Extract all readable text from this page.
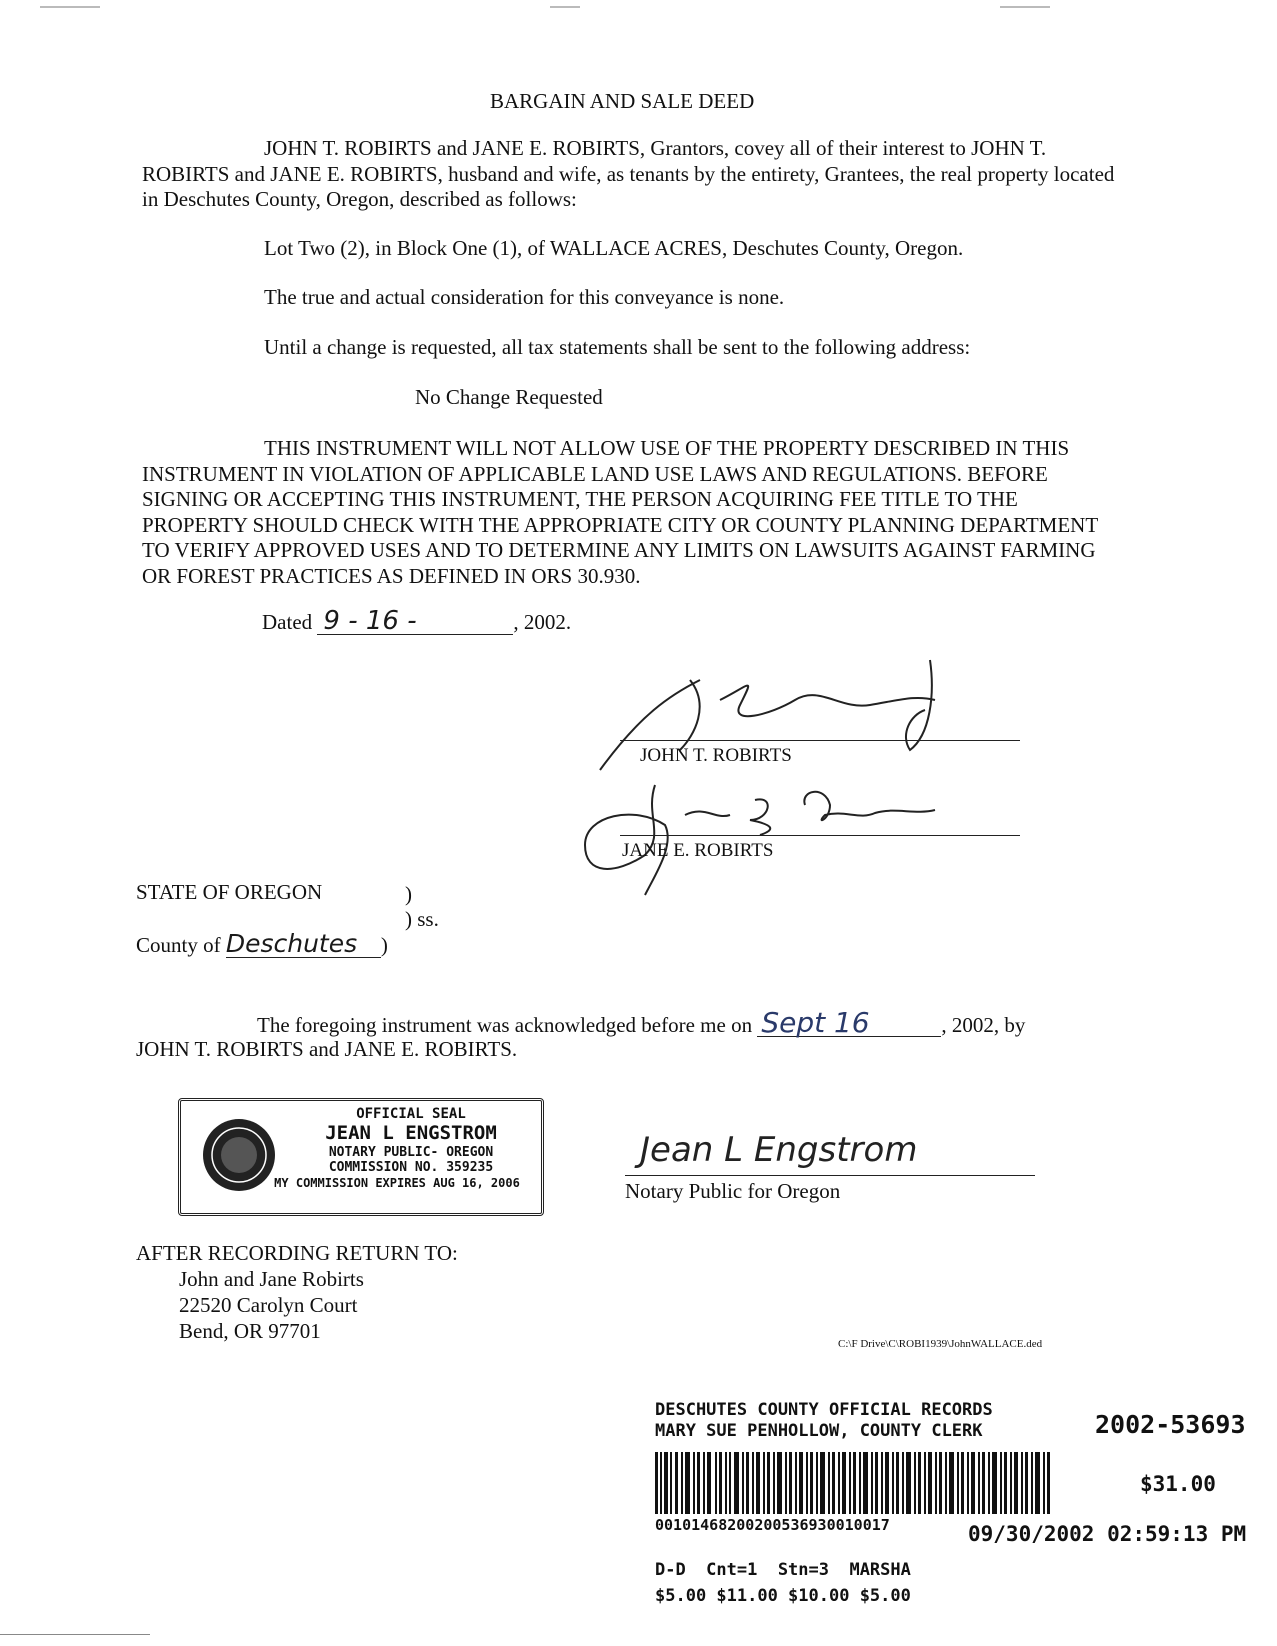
BARGAIN AND SALE DEED
JOHN T. ROBIRTS and JANE E. ROBIRTS, Grantors, covey all of their interest to JOHN T. ROBIRTS and JANE E. ROBIRTS, husband and wife, as tenants by the entirety, Grantees, the real property located in Deschutes County, Oregon, described as follows:
Lot Two (2), in Block One (1), of WALLACE ACRES, Deschutes County, Oregon.
The true and actual consideration for this conveyance is none.
Until a change is requested, all tax statements shall be sent to the following address:
No Change Requested
THIS INSTRUMENT WILL NOT ALLOW USE OF THE PROPERTY DESCRIBED IN THIS INSTRUMENT IN VIOLATION OF APPLICABLE LAND USE LAWS AND REGULATIONS. BEFORE SIGNING OR ACCEPTING THIS INSTRUMENT, THE PERSON ACQUIRING FEE TITLE TO THE PROPERTY SHOULD CHECK WITH THE APPROPRIATE CITY OR COUNTY PLANNING DEPARTMENT TO VERIFY APPROVED USES AND TO DETERMINE ANY LIMITS ON LAWSUITS AGAINST FARMING OR FOREST PRACTICES AS DEFINED IN ORS 30.930.
Dated 9 - 16 -	, 2002.
JOHN T. ROBIRTS
JANE E. ROBIRTS
STATE OF OREGON	)
) ss.
County of Deschutes )
The foregoing instrument was acknowledged before me on Sept 16	, 2002, by
JOHN T. ROBIRTS and JANE E. ROBIRTS.
OFFICIAL SEAL
JEAN L ENGSTROM
NOTARY PUBLIC- OREGON
COMMISSION NO. 359235
MY COMMISSION EXPIRES AUG 16, 2006
Jean L Engstrom
Notary Public for Oregon
AFTER RECORDING RETURN TO:
John and Jane Robirts
22520 Carolyn Court
Bend, OR 97701
C:\F Drive\C\ROBI1939\JohnWALLACE.ded
DESCHUTES COUNTY OFFICIAL RECORDS
MARY SUE PENHOLLOW, COUNTY CLERK	2002-53693
$31.00
00101468200200536930010017	09/30/2002 02:59:13 PM
D-D  Cnt=1  Stn=3  MARSHA
$5.00 $11.00 $10.00 $5.00
